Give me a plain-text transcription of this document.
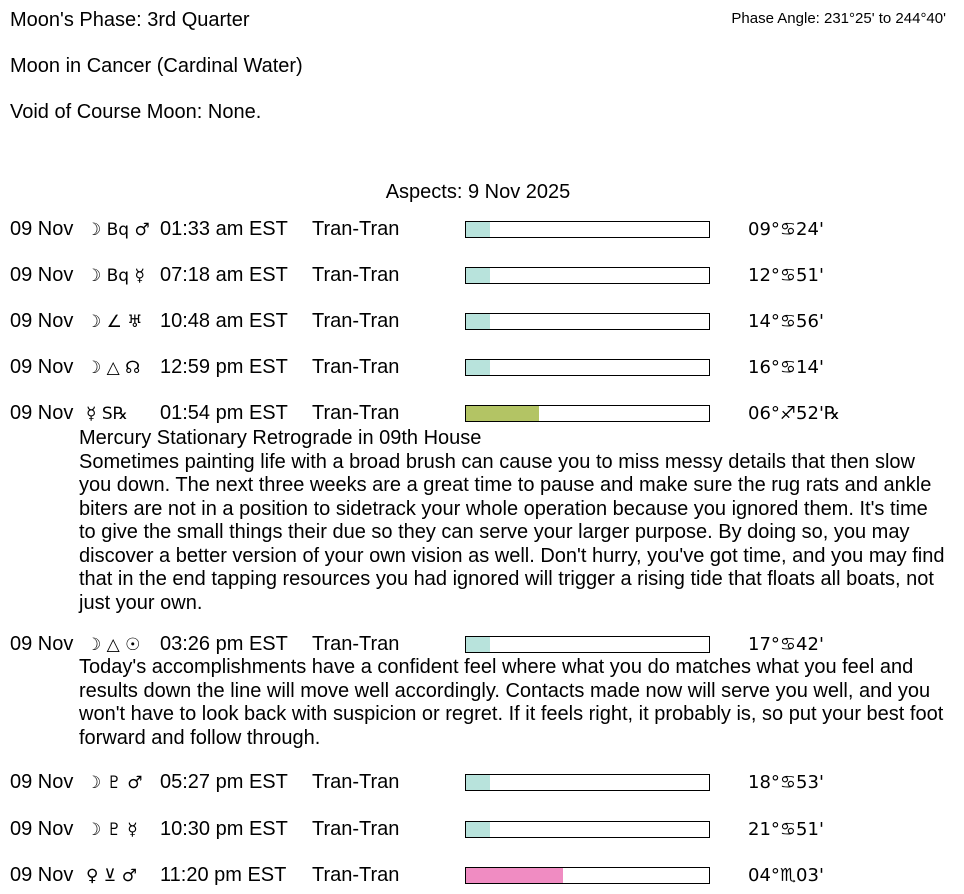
Moon's Phase: 3rd Quarter	Phase Angle: 231°25' to 244°40'
Moon in Cancer (Cardinal Water)
Void of Course Moon: None.
Aspects: 9 Nov 2025
09 Nov ☽ Bq ♂ 01:33 am EST Tran-Tran	09°♋24'
09 Nov ☽ Bq ☿ 07:18 am EST Tran-Tran	12°♋51'
09 Nov ☽ ∠ ♅ 10:48 am EST Tran-Tran	14°♋56'
09 Nov ☽ △ ☊ 12:59 pm EST Tran-Tran	16°♋14'
09 Nov ☿ S℞ 01:54 pm EST Tran-Tran	06°♐52'℞

Mercury Stationary Retrograde in 09th House

Sometimes painting life with a broad brush can cause you to miss messy details that then slow you down. The next three weeks are a great time to pause and make sure the rug rats and ankle biters are not in a position to sidetrack your whole operation because you ignored them. It's time to give the small things their due so they can serve your larger purpose. By doing so, you may discover a better version of your own vision as well. Don't hurry, you've got time, and you may find that in the end tapping resources you had ignored will trigger a rising tide that floats all boats, not just your own.

09 Nov ☽ △ ☉ 03:26 pm EST Tran-Tran	17°♋42'

Today's accomplishments have a confident feel where what you do matches what you feel and results down the line will move well accordingly. Contacts made now will serve you well, and you won't have to look back with suspicion or regret. If it feels right, it probably is, so put your best foot forward and follow through.

09 Nov ☽ ♇ ♂ 05:27 pm EST Tran-Tran	18°♋53'
09 Nov ☽ ♇ ☿ 10:30 pm EST Tran-Tran	21°♋51'
09 Nov ♀ ⊻ ♂ 11:20 pm EST Tran-Tran	04°♏03'
